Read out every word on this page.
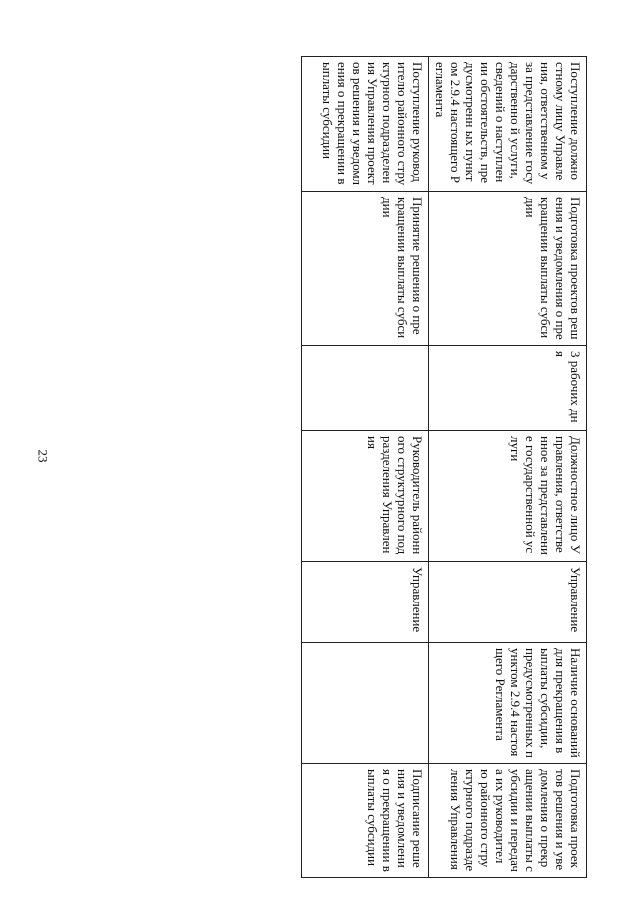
23
Поступление должностному лицу Управления, ответственном у за представление государственно й услуги, сведений о наступлении обстоятельств, предусмотренн ых пунктом 2.9.4 настоящего Регламента	Подготовка проектов решения и уведомления о прекращении выплаты субсидии	3 рабочих дня	Должностное лицо Управления, ответственное за представление государственной услуги	Управление	Наличие оснований для прекращения выплаты субсидии, предусмотренных пунктом 2.9.4 настоящего Регламента	Подготовка проектов решения и уведомления о прекращении выплаты субсидии и передача их руководителю районного структурного подразделения Управления
Поступление руководителю районного структурного подразделения Управления проектов решения и уведомления о прекращении выплаты субсидии	Принятие решения о прекращении выплаты субсидии		Руководитель районного структурного подразделения Управления	Управление		Подписание решения и уведомления о прекращении выплаты субсидии
